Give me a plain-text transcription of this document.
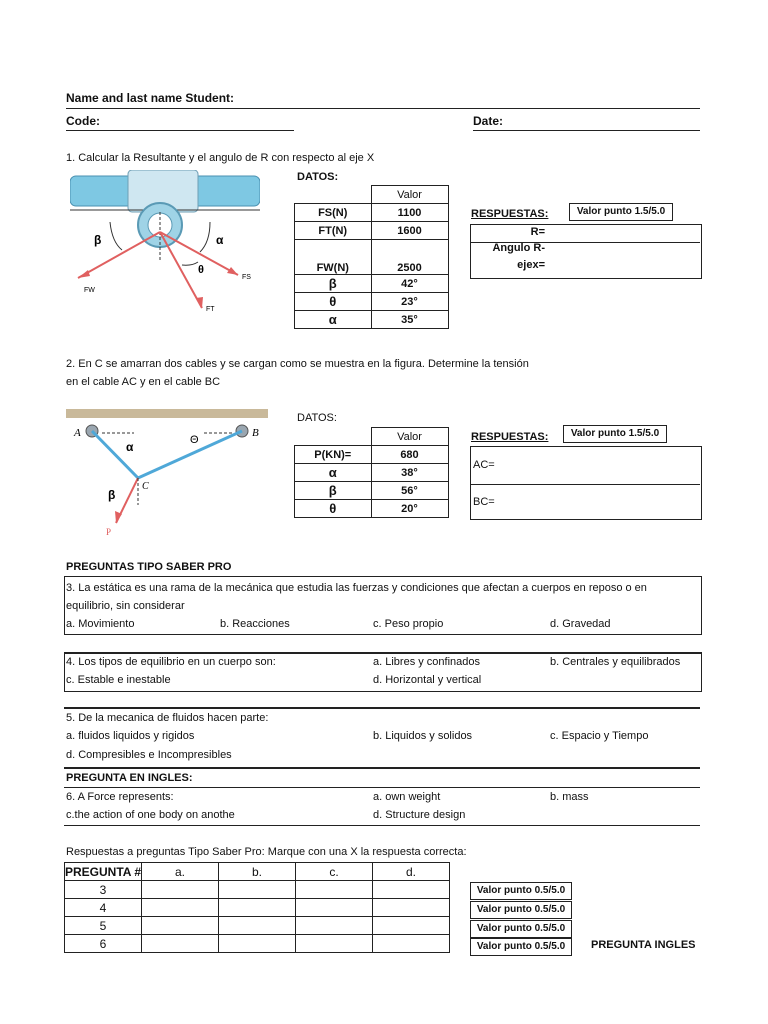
Name and last name Student:
Code:	Date:
1. Calcular la Resultante y el angulo de R con respecto al eje X
β	α
θ
FW
FT
FS
DATOS:
	Valor
FS(N)	1100
FT(N)	1600
FW(N)	2500
β	42°
θ	23°
α	35°
RESPUESTAS:	Valor punto 1.5/5.0
R=
Angulo R-
ejex=
2. En C se amarran dos cables y se cargan como se muestra en la figura. Determine la tensión
en el cable AC y en el cable BC
A	B
C
P
α	Θ
β
DATOS:
	Valor
P(KN)=	680
α	38°
β	56°
θ	20°
RESPUESTAS:	Valor punto 1.5/5.0
AC=
BC=
PREGUNTAS TIPO SABER PRO
3. La estática es una rama de la mecánica que estudia las fuerzas y condiciones que afectan a cuerpos en reposo o en
equilibrio, sin considerar
a. Movimiento	b. Reacciones	c. Peso propio	d. Gravedad
4. Los tipos de equilibrio en un cuerpo son:	a. Libres y confinados	b. Centrales y equilibrados
c. Estable e inestable	d. Horizontal y vertical
5. De la mecanica de fluidos hacen parte:
a. fluidos liquidos y rigidos	b. Liquidos y solidos	c. Espacio y Tiempo
d. Compresibles e Incompresibles
PREGUNTA EN INGLES:
6. A Force represents:	a. own weight	b. mass
c.the action of one body on anothe	d. Structure design
Respuestas a preguntas Tipo Saber Pro: Marque con una X la respuesta correcta:
PREGUNTA #	a.	b.	c.	d.
3				
4				
5				
6				
Valor punto 0.5/5.0
Valor punto 0.5/5.0
Valor punto 0.5/5.0
Valor punto 0.5/5.0	PREGUNTA INGLES
